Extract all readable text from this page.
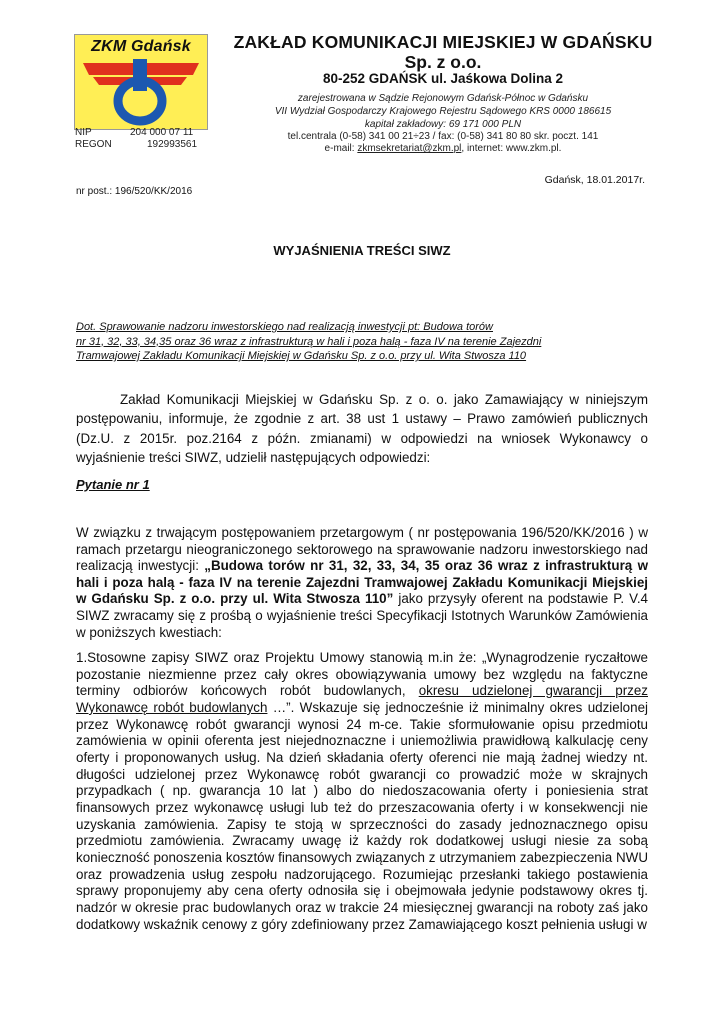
ZKM Gdańsk	ZAKŁAD KOMUNIKACJI MIEJSKIEJ W GDAŃSKU
Sp. z o.o.
80-252 GDAŃSK ul. Jaśkowa Dolina 2
zarejestrowana w Sądzie Rejonowym Gdańsk-Północ w Gdańsku
VII Wydział Gospodarczy Krajowego Rejestru Sądowego KRS 0000 186615
kapitał zakładowy: 69 171 000 PLN
tel.centrala (0-58) 341 00 21÷23 / fax: (0-58) 341 80 80 skr. poczt. 141
e-mail: zkmsekretariat@zkm.pl, internet: www.zkm.pl.
NIP	204 000 07 11
REGON	192993561
Gdańsk, 18.01.2017r.
nr post.: 196/520/KK/2016
WYJAŚNIENIA TREŚCI SIWZ
Dot. Sprawowanie nadzoru inwestorskiego nad realizacją inwestycji pt: Budowa torów
nr 31, 32, 33, 34,35 oraz 36 wraz z infrastrukturą w hali i poza halą - faza IV na terenie Zajezdni
Tramwajowej Zakładu Komunikacji Miejskiej w Gdańsku Sp. z o.o. przy ul. Wita Stwosza 110

Zakład Komunikacji Miejskiej w Gdańsku Sp. z o. o. jako Zamawiający w niniejszym postępowaniu, informuje, że zgodnie z art. 38 ust 1 ustawy – Prawo zamówień publicznych (Dz.U. z 2015r. poz.2164 z późn. zmianami) w odpowiedzi na wniosek Wykonawcy o wyjaśnienie treści SIWZ, udzielił następujących odpowiedzi:

Pytanie nr 1

W związku z trwającym postępowaniem przetargowym ( nr postępowania 196/520/KK/2016 ) w ramach przetargu nieograniczonego sektorowego na sprawowanie nadzoru inwestorskiego nad realizacją inwestycji: „Budowa torów nr 31, 32, 33, 34, 35 oraz 36 wraz z infrastrukturą w hali i poza halą - faza IV na terenie Zajezdni Tramwajowej Zakładu Komunikacji Miejskiej w Gdańsku Sp. z o.o. przy ul. Wita Stwosza 110” jako przysyły oferent na podstawie P. V.4 SIWZ zwracamy się z prośbą o wyjaśnienie treści Specyfikacji Istotnych Warunków Zamówienia w poniższych kwestiach:

1.Stosowne zapisy SIWZ oraz Projektu Umowy stanowią m.in że: „Wynagrodzenie ryczałtowe pozostanie niezmienne przez cały okres obowiązywania umowy bez względu na faktyczne terminy odbiorów końcowych robót budowlanych, okresu udzielonej gwarancji przez Wykonawcę robót budowlanych …”. Wskazuje się jednocześnie iż minimalny okres udzielonej przez Wykonawcę robót gwarancji wynosi 24 m-ce. Takie sformułowanie opisu przedmiotu zamówienia w opinii oferenta jest niejednoznaczne i uniemożliwia prawidłową kalkulację ceny oferty i proponowanych usług. Na dzień składania oferty oferenci nie mają żadnej wiedzy nt. długości udzielonej przez Wykonawcę robót gwarancji co prowadzić może w skrajnych przypadkach ( np. gwarancja 10 lat ) albo do niedoszacowania oferty i poniesienia strat finansowych przez wykonawcę usługi lub też do przeszacowania oferty i w konsekwencji nie uzyskania zamówienia. Zapisy te stoją w sprzeczności do zasady jednoznacznego opisu przedmiotu zamówienia. Zwracamy uwagę iż każdy rok dodatkowej usługi niesie za sobą konieczność ponoszenia kosztów finansowych związanych z utrzymaniem zabezpieczenia NWU oraz prowadzenia usług zespołu nadzorującego. Rozumiejąc przesłanki takiego postawienia sprawy proponujemy aby cena oferty odnosiła się i obejmowała jedynie podstawowy okres tj. nadzór w okresie prac budowlanych oraz w trakcie 24 miesięcznej gwarancji na roboty zaś jako dodatkowy wskaźnik cenowy z góry zdefiniowany przez Zamawiającego koszt pełnienia usługi w
